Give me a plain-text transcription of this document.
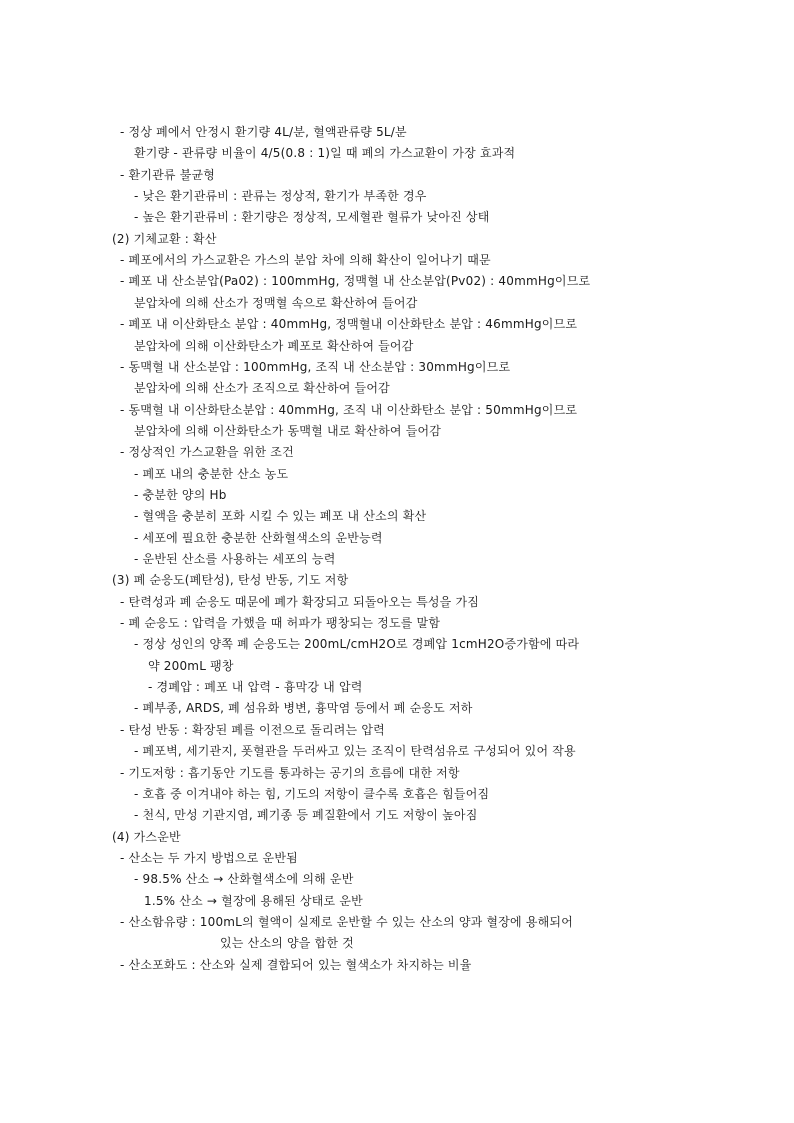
- 정상 폐에서 안정시 환기량 4L/분, 혈액관류량 5L/분
환기량 - 관류량 비율이 4/5(0.8 : 1)일 때 폐의 가스교환이 가장 효과적
- 환기관류 불균형
- 낮은 환기관류비 : 관류는 정상적, 환기가 부족한 경우
- 높은 환기관류비 : 환기량은 정상적, 모세혈관 혈류가 낮아진 상태
(2) 기체교환 : 확산
- 폐포에서의 가스교환은 가스의 분압 차에 의해 확산이 일어나기 때문
- 폐포 내 산소분압(Pa02) : 100mmHg, 정맥혈 내 산소분압(Pv02) : 40mmHg이므로
분압차에 의해 산소가 정맥혈 속으로 확산하여 들어감
- 폐포 내 이산화탄소 분압 : 40mmHg, 정맥혈내 이산화탄소 분압 : 46mmHg이므로
분압차에 의해 이산화탄소가 폐포로 확산하여 들어감
- 동맥혈 내 산소분압 : 100mmHg, 조직 내 산소분압 : 30mmHg이므로
분압차에 의해 산소가 조직으로 확산하여 들어감
- 동맥혈 내 이산화탄소분압 : 40mmHg, 조직 내 이산화탄소 분압 : 50mmHg이므로
분압차에 의해 이산화탄소가 동맥혈 내로 확산하여 들어감
- 정상적인 가스교환을 위한 조건
- 폐포 내의 충분한 산소 농도
- 충분한 양의 Hb
- 혈액을 충분히 포화 시킬 수 있는 폐포 내 산소의 확산
- 세포에 필요한 충분한 산화혈색소의 운반능력
- 운반된 산소를 사용하는 세포의 능력
(3) 폐 순응도(폐탄성), 탄성 반동, 기도 저항
- 탄력성과 폐 순응도 때문에 폐가 확장되고 되돌아오는 특성을 가짐
- 폐 순응도 : 압력을 가했을 때 허파가 팽창되는 정도를 말함
- 정상 성인의 양쪽 폐 순응도는 200mL/cmH2O로 경폐압 1cmH2O증가함에 따라
약 200mL 팽창
- 경폐압 : 폐포 내 압력 - 흉막강 내 압력
- 폐부종, ARDS, 폐 섬유화 병변, 흉막염 등에서 폐 순응도 저하
- 탄성 반동 : 확장된 폐를 이전으로 돌리려는 압력
- 폐포벽, 세기관지, 폿혈관을 두러싸고 있는 조직이 탄력섬유로 구성되어 있어 작용
- 기도저항 : 흡기동안 기도를 통과하는 공기의 흐름에 대한 저항
- 호흡 중 이겨내야 하는 힘, 기도의 저항이 클수록 호흡은 힘들어짐
- 천식, 만성 기관지염, 폐기종 등 폐질환에서 기도 저항이 높아짐
(4) 가스운반
- 산소는 두 가지 방법으로 운반됨
- 98.5% 산소 → 산화혈색소에 의해 운반
1.5% 산소 → 혈장에 용해된 상태로 운반
- 산소함유량 : 100mL의 혈액이 실제로 운반할 수 있는 산소의 양과 혈장에 용해되어
있는 산소의 양을 합한 것
- 산소포화도 : 산소와 실제 결합되어 있는 혈색소가 차지하는 비율
